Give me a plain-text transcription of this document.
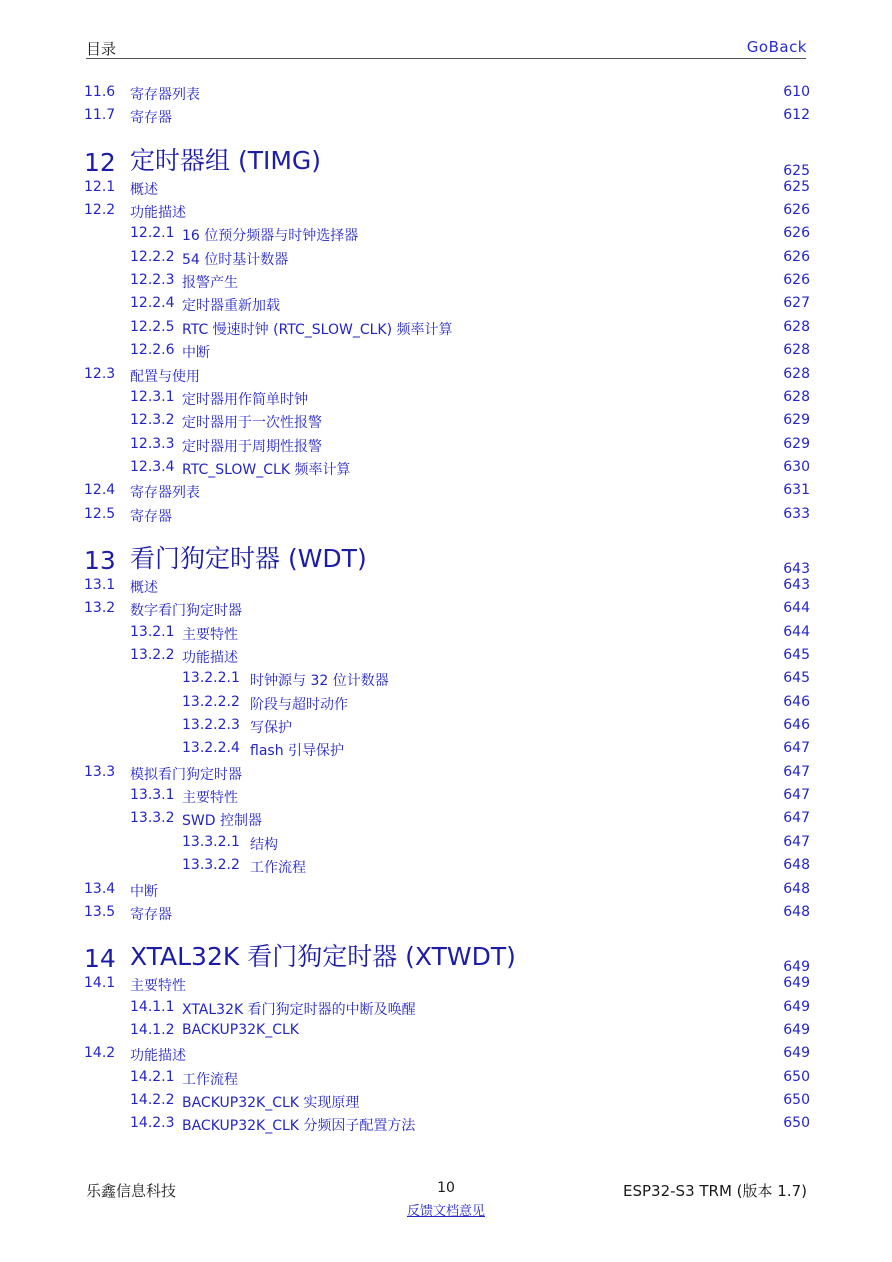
目录	GoBack
11.6 寄存器列表	610
11.7 寄存器	612
12 定时器组 (TIMG)	625
12.1 概述	625
12.2 功能描述	626
12.2.1 16 位预分频器与时钟选择器	626
12.2.2 54 位时基计数器	626
12.2.3 报警产生	626
12.2.4 定时器重新加载	627
12.2.5 RTC 慢速时钟 (RTC_SLOW_CLK) 频率计算	628
12.2.6 中断	628
12.3 配置与使用	628
12.3.1 定时器用作简单时钟	628
12.3.2 定时器用于一次性报警	629
12.3.3 定时器用于周期性报警	629
12.3.4 RTC_SLOW_CLK 频率计算	630
12.4 寄存器列表	631
12.5 寄存器	633
13 看门狗定时器 (WDT)	643
13.1 概述	643
13.2 数字看门狗定时器	644
13.2.1 主要特性	644
13.2.2 功能描述	645
13.2.2.1 时钟源与 32 位计数器	645
13.2.2.2 阶段与超时动作	646
13.2.2.3 写保护	646
13.2.2.4 flash 引导保护	647
13.3 模拟看门狗定时器	647
13.3.1 主要特性	647
13.3.2 SWD 控制器	647
13.3.2.1 结构	647
13.3.2.2 工作流程	648
13.4 中断	648
13.5 寄存器	648
14 XTAL32K 看门狗定时器 (XTWDT)	649
14.1 主要特性	649
14.1.1 XTAL32K 看门狗定时器的中断及唤醒	649
14.1.2 BACKUP32K_CLK	649
14.2 功能描述	649
14.2.1 工作流程	650
14.2.2 BACKUP32K_CLK 实现原理	650
14.2.3 BACKUP32K_CLK 分频因子配置方法	650
乐鑫信息科技	10	ESP32-S3 TRM (版本 1.7)
反馈文档意见
